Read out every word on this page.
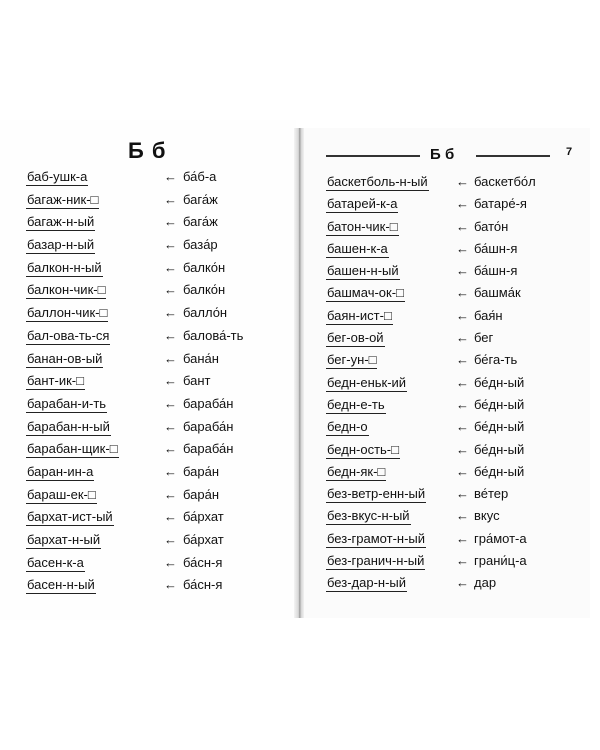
Б б	Б б	7
баб-ушк-а	← ба́б-а
багаж-ник-□	← бага́ж
багаж-н-ый	← бага́ж
базар-н-ый	← база́р
балкон-н-ый	← балко́н
балкон-чик-□	← балко́н
баллон-чик-□	← балло́н
бал-ова-ть-ся	← балова́-ть
банан-ов-ый	← бана́н
бант-ик-□	← бант
барабан-и-ть	← бараба́н
барабан-н-ый	← бараба́н
барабан-щик-□	← бараба́н
баран-ин-а	← бара́н
бараш-ек-□	← бара́н
бархат-ист-ый	← ба́рхат
бархат-н-ый	← ба́рхат
басен-к-а	← ба́сн-я
басен-н-ый	← ба́сн-я
баскетболь-н-ый ← баскетбо́л
батарей-к-а	← батаре́-я
батон-чик-□	← бато́н
башен-к-а	← ба́шн-я
башен-н-ый	← ба́шн-я
башмач-ок-□	← башма́к
баян-ист-□	← бая́н
бег-ов-ой	← бег
бег-ун-□	← бе́га-ть
бедн-еньк-ий	← бе́дн-ый
бедн-е-ть	← бе́дн-ый
бедн-о	← бе́дн-ый
бедн-ость-□	← бе́дн-ый
бедн-як-□	← бе́дн-ый
без-ветр-енн-ый ← ве́тер
без-вкус-н-ый	← вкус
без-грамот-н-ый ← гра́мот-а
без-гранич-н-ый ← грани́ц-а
без-дар-н-ый	← дар
